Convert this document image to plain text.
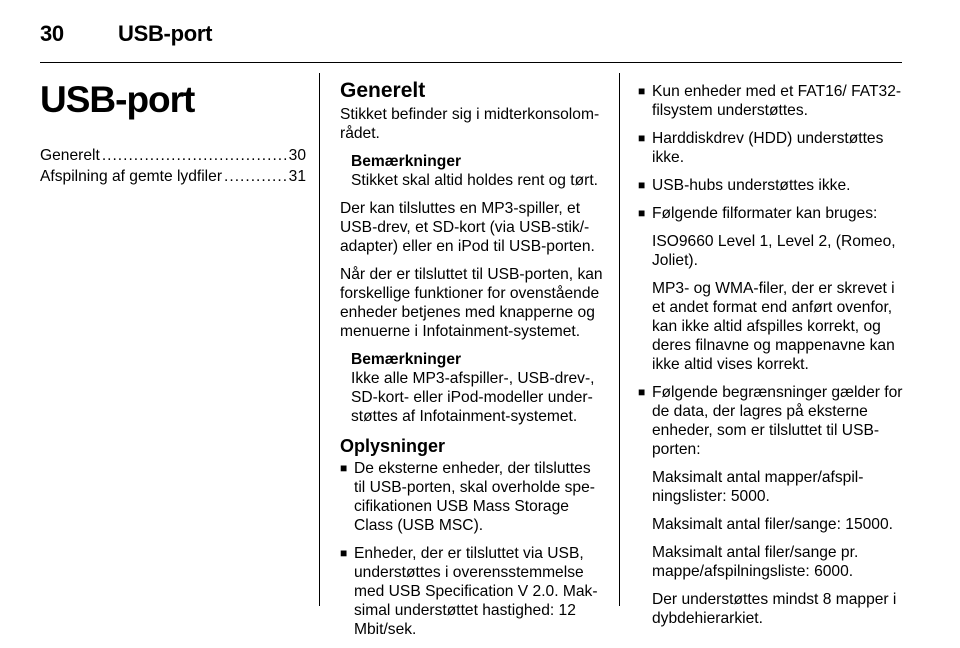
30 USB-port
USB-port
Generelt .....	30
Afspilning af gemte lydfiler .....	31
Generelt

Stikket befinder sig i midterkonsolom-rådet.

Bemærkninger
Stikket skal altid holdes rent og tørt.

Der kan tilsluttes en MP3-spiller, et USB-drev, et SD-kort (via USB-stik/-adapter) eller en iPod til USB-porten.

Når der er tilsluttet til USB-porten, kan forskellige funktioner for ovenstående enheder betjenes med knapperne og menuerne i Infotainment-systemet.

Bemærkninger
Ikke alle MP3-afspiller-, USB-drev-, SD-kort- eller iPod-modeller under-støttes af Infotainment-systemet.
Oplysninger
■ De eksterne enheder, der tilsluttes til USB-porten, skal overholde spe-cifikationen USB Mass Storage Class (USB MSC).
■ Enheder, der er tilsluttet via USB, understøttes i overensstemmelse med USB Specification V 2.0. Mak-simal understøttet hastighed: 12 Mbit/sek.
■ Kun enheder med et FAT16/ FAT32-filsystem understøttes.
■ Harddiskdrev (HDD) understøttes ikke.
■ USB-hubs understøttes ikke.
■ Følgende filformater kan bruges:
ISO9660 Level 1, Level 2, (Romeo, Joliet).
MP3- og WMA-filer, der er skrevet i et andet format end anført ovenfor, kan ikke altid afspilles korrekt, og deres filnavne og mappenavne kan ikke altid vises korrekt.
■ Følgende begrænsninger gælder for de data, der lagres på eksterne enheder, som er tilsluttet til USB-porten:
Maksimalt antal mapper/afspil-ningslister: 5000.
Maksimalt antal filer/sange: 15000.
Maksimalt antal filer/sange pr. mappe/afspilningsliste: 6000.
Der understøttes mindst 8 mapper i dybdehierarkiet.
